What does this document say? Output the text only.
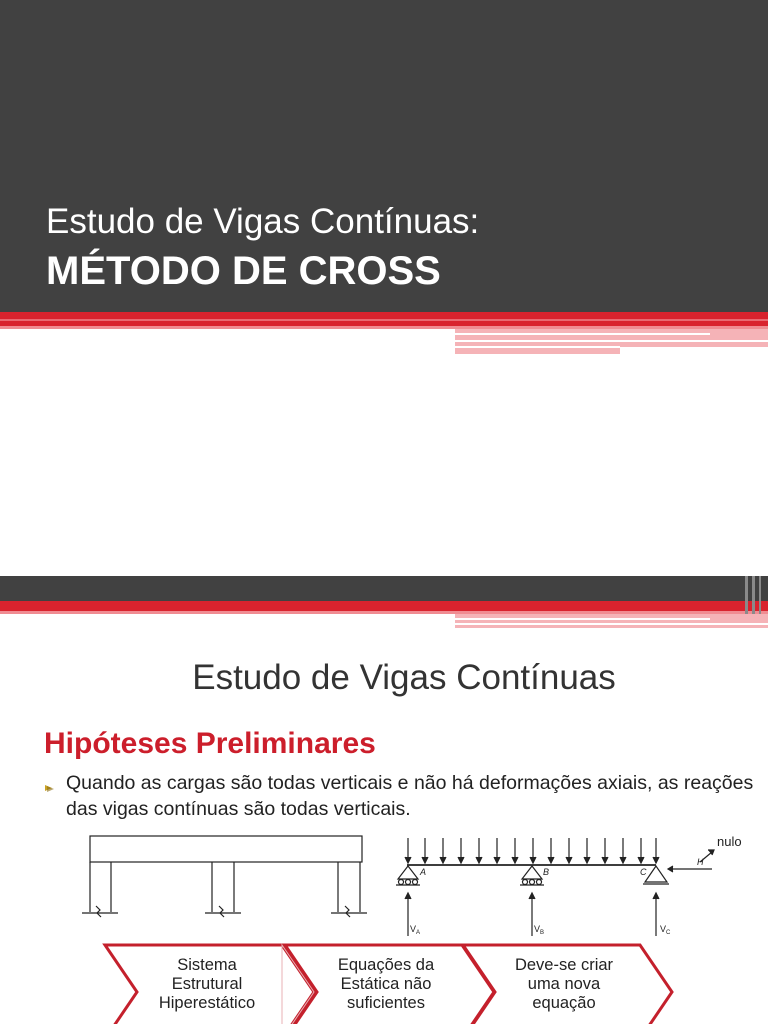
Estudo de Vigas Contínuas:
MÉTODO DE CROSS
Estudo de Vigas Contínuas
Hipóteses Preliminares
Quando as cargas são todas verticais e não há deformações axiais, as reações das vigas contínuas são todas verticais.
A	B	C
$V_A$	$V_B$	$V_C$
H
nulo
Sistema Estrutural Hiperestático
Equações da Estática não suficientes
Deve-se criar uma nova equação
